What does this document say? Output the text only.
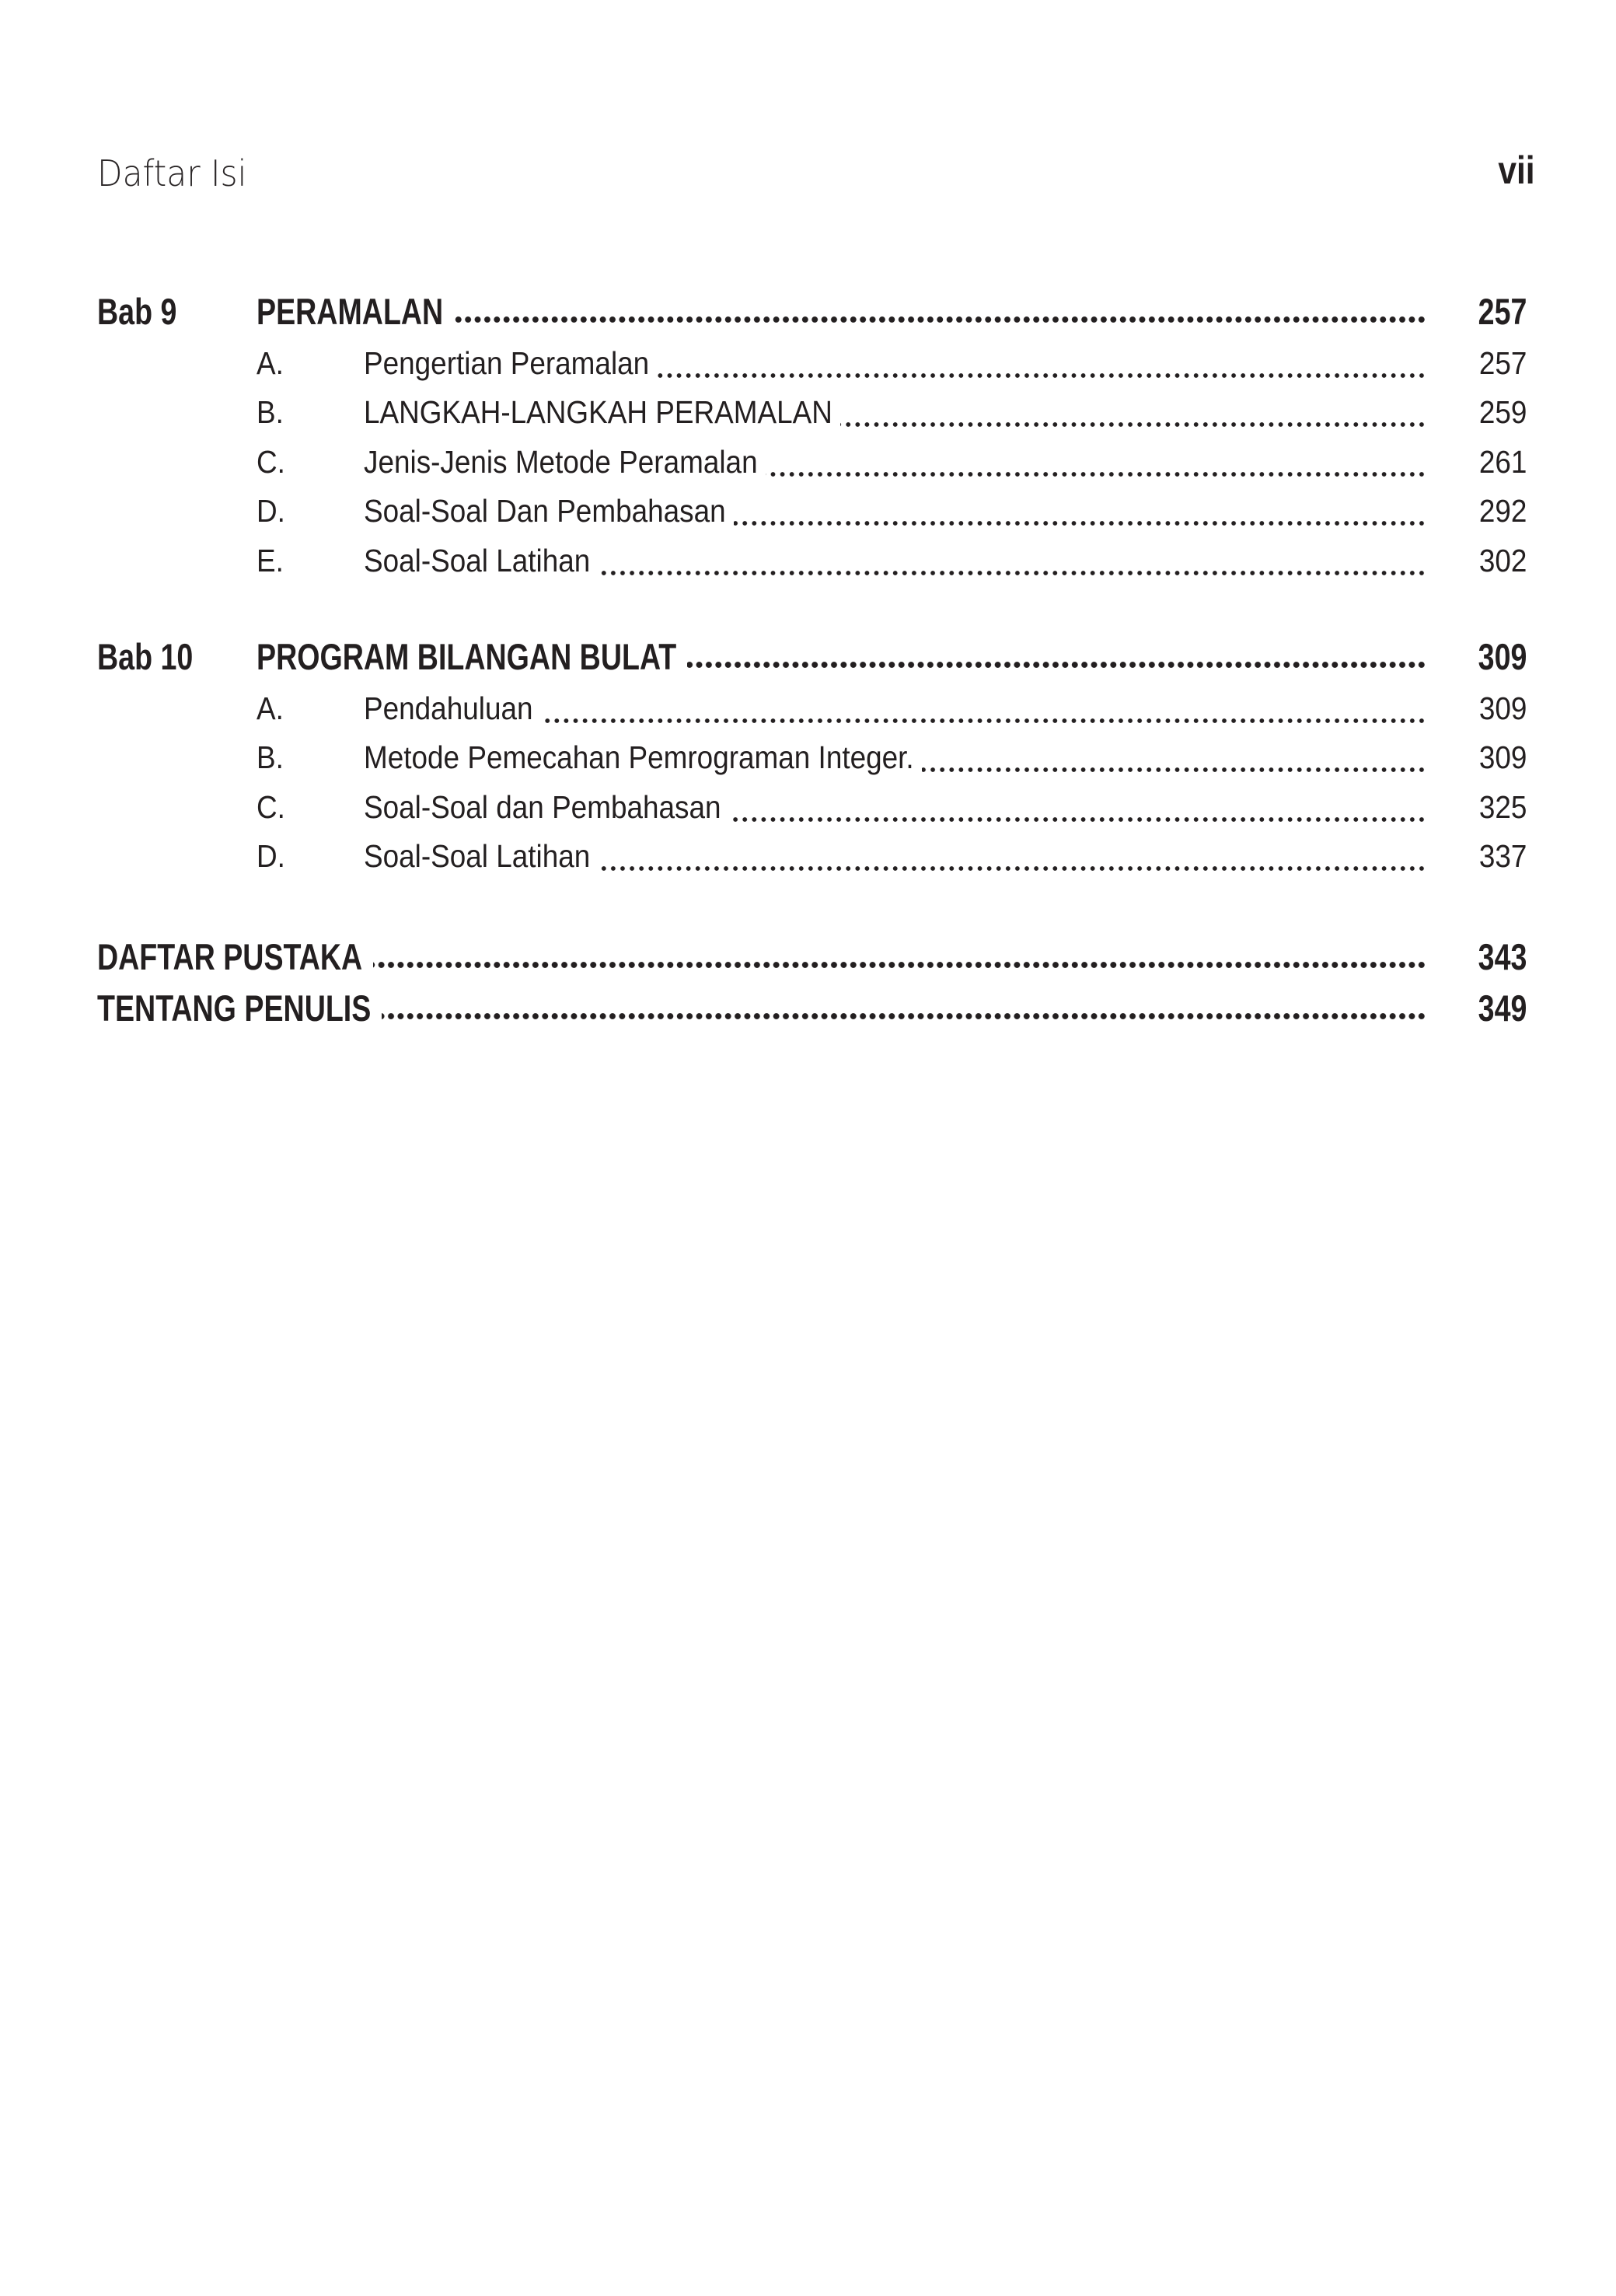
Daftar Isi	vii
Bab 9 PERAMALAN	257
A.	Pengertian Peramalan	257
B.	LANGKAH-LANGKAH PERAMALAN	259
C. Jenis-Jenis Metode Peramalan	261
D. Soal-Soal Dan Pembahasan	292
E.	Soal-Soal Latihan	302
Bab 10 PROGRAM BILANGAN BULAT	309
A.	Pendahuluan	309
B.	Metode Pemecahan Pemrograman Integer.	309
C. Soal-Soal dan Pembahasan	325
D. Soal-Soal Latihan	337
DAFTAR PUSTAKA	343
TENTANG PENULIS	349
